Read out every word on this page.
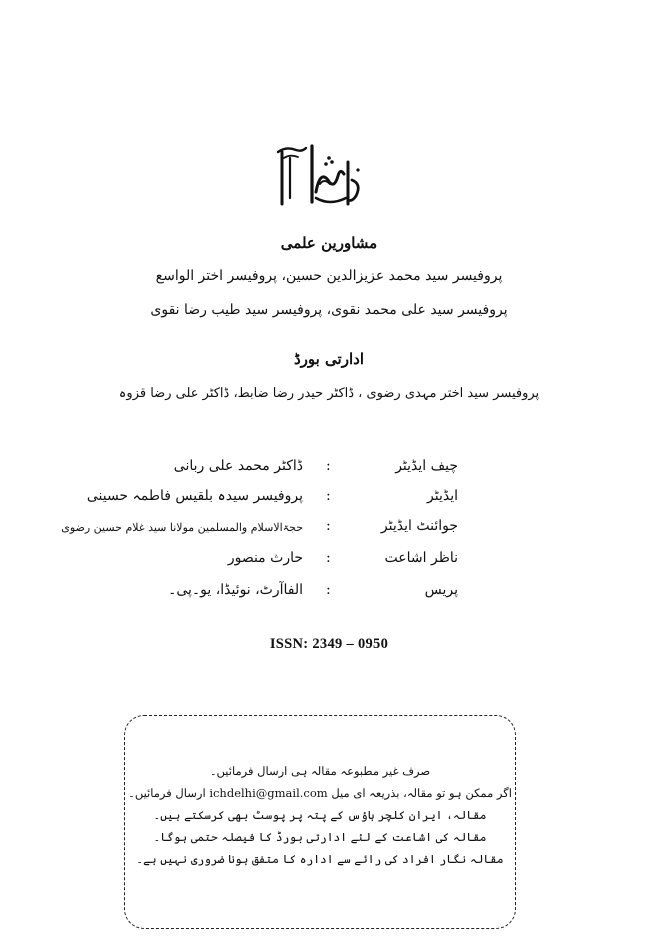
مشاورین علمی
پروفیسر سید محمد عزیزالدین حسین، پروفیسر اختر الواسع
پروفیسر سید علی محمد نقوی، پروفیسر سید طیب رضا نقوی
ادارتی بورڈ
پروفیسر سید اختر مہدی رضوی ، ڈاکٹر حیدر رضا ضابط، ڈاکٹر علی رضا قزوہ
چیف ایڈیٹر
:
ڈاکٹر محمد علی ربانی
ایڈیٹر
:
پروفیسر سیدہ بلقیس فاطمہ حسینی
جوائنٹ ایڈیٹر
:
حجۃالاسلام والمسلمین مولانا سید غلام حسین رضوی
ناظر اشاعت
:
حارث منصور
پریس
:
الفاآرٹ، نوئیڈا، یو۔پی۔
ISSN: 2349 – 0950
صرف غیر مطبوعہ مقالہ ہی ارسال فرمائیں۔
اگر ممکن ہو تو مقالہ، بذریعہ ای میل ichdelhi@gmail.com ارسال فرمائیں۔
مقالہ، ایران کلچر ہاؤس کے پتہ پر پوسٹ بھی کرسکتے ہیں۔
مقالہ کی اشاعت کے لئے ادارتی بورڈ کا فیصلہ حتمی ہوگا۔
مقالہ نگار افراد کی رائے سے ادارہ کا متفق ہونا ضروری نہیں ہے۔
